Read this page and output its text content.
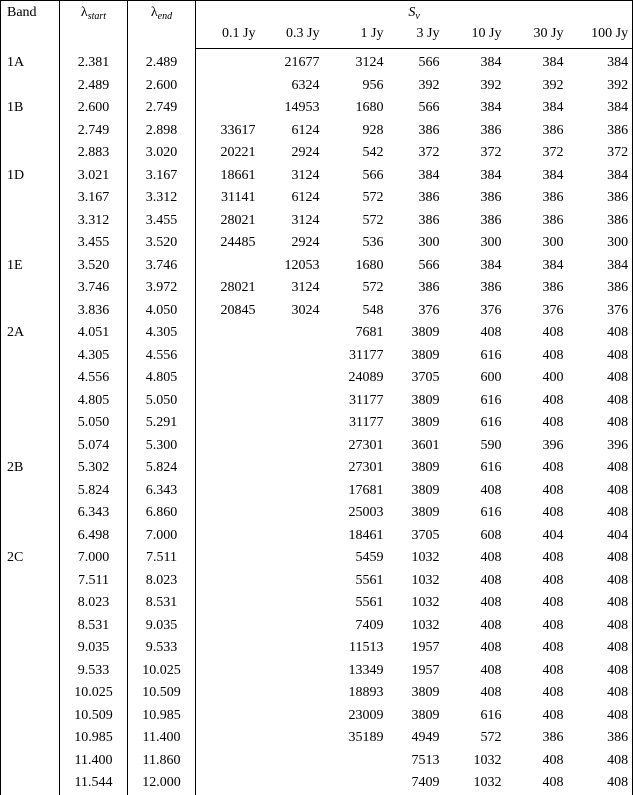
Band	$\lambda_{start}$	$\lambda_{end}$	$S_\nu$
			0.1 Jy	0.3 Jy	1 Jy	3 Jy	10 Jy	30 Jy	100 Jy
1A	2.381	2.489		21677	3124	566	384	384	384
	2.489	2.600		6324	956	392	392	392	392
1B	2.600	2.749		14953	1680	566	384	384	384
	2.749	2.898	33617	6124	928	386	386	386	386
	2.883	3.020	20221	2924	542	372	372	372	372
1D	3.021	3.167	18661	3124	566	384	384	384	384
	3.167	3.312	31141	6124	572	386	386	386	386
	3.312	3.455	28021	3124	572	386	386	386	386
	3.455	3.520	24485	2924	536	300	300	300	300
1E	3.520	3.746		12053	1680	566	384	384	384
	3.746	3.972	28021	3124	572	386	386	386	386
	3.836	4.050	20845	3024	548	376	376	376	376
2A	4.051	4.305			7681	3809	408	408	408
	4.305	4.556			31177	3809	616	408	408
	4.556	4.805			24089	3705	600	400	408
	4.805	5.050			31177	3809	616	408	408
	5.050	5.291			31177	3809	616	408	408
	5.074	5.300			27301	3601	590	396	396
2B	5.302	5.824			27301	3809	616	408	408
	5.824	6.343			17681	3809	408	408	408
	6.343	6.860			25003	3809	616	408	408
	6.498	7.000			18461	3705	608	404	404
2C	7.000	7.511			5459	1032	408	408	408
	7.511	8.023			5561	1032	408	408	408
	8.023	8.531			5561	1032	408	408	408
	8.531	9.035			7409	1032	408	408	408
	9.035	9.533			11513	1957	408	408	408
	9.533	10.025			13349	1957	408	408	408
	10.025	10.509			18893	3809	408	408	408
	10.509	10.985			23009	3809	616	408	408
	10.985	11.400			35189	4949	572	386	386
	11.400	11.860				7513	1032	408	408
	11.544	12.000				7409	1032	408	408
